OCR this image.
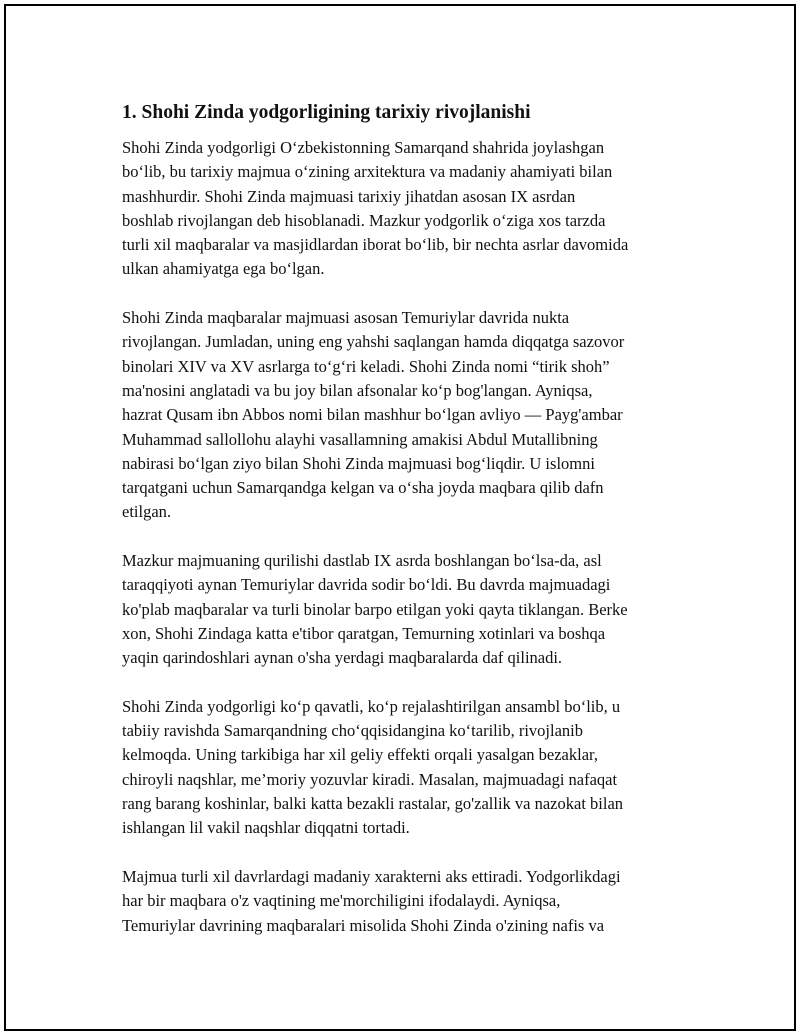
1. Shohi Zinda yodgorligining tarixiy rivojlanishi

Shohi Zinda yodgorligi O‘zbekistonning Samarqand shahrida joylashgan
bo‘lib, bu tarixiy majmua o‘zining arxitektura va madaniy ahamiyati bilan
mashhurdir. Shohi Zinda majmuasi tarixiy jihatdan asosan IX asrdan
boshlab rivojlangan deb hisoblanadi. Mazkur yodgorlik o‘ziga xos tarzda
turli xil maqbaralar va masjidlardan iborat bo‘lib, bir nechta asrlar davomida
ulkan ahamiyatga ega bo‘lgan.

Shohi Zinda maqbaralar majmuasi asosan Temuriylar davrida nukta
rivojlangan. Jumladan, uning eng yahshi saqlangan hamda diqqatga sazovor
binolari XIV va XV asrlarga to‘g‘ri keladi. Shohi Zinda nomi “tirik shoh”
ma'nosini anglatadi va bu joy bilan afsonalar ko‘p bog'langan. Ayniqsa,
hazrat Qusam ibn Abbos nomi bilan mashhur bo‘lgan avliyo — Payg'ambar
Muhammad sallollohu alayhi vasallamning amakisi Abdul Mutallibning
nabirasi bo‘lgan ziyo bilan Shohi Zinda majmuasi bog‘liqdir. U islomni
tarqatgani uchun Samarqandga kelgan va o‘sha joyda maqbara qilib dafn
etilgan.

Mazkur majmuaning qurilishi dastlab IX asrda boshlangan bo‘lsa-da, asl
taraqqiyoti aynan Temuriylar davrida sodir bo‘ldi. Bu davrda majmuadagi
ko'plab maqbaralar va turli binolar barpo etilgan yoki qayta tiklangan. Berke
xon, Shohi Zindaga katta e'tibor qaratgan, Temurning xotinlari va boshqa
yaqin qarindoshlari aynan o'sha yerdagi maqbaralarda daf qilinadi.

Shohi Zinda yodgorligi ko‘p qavatli, ko‘p rejalashtirilgan ansambl bo‘lib, u
tabiiy ravishda Samarqandning cho‘qqisidangina ko‘tarilib, rivojlanib
kelmoqda. Uning tarkibiga har xil geliy effekti orqali yasalgan bezaklar,
chiroyli naqshlar, me’moriy yozuvlar kiradi. Masalan, majmuadagi nafaqat
rang barang koshinlar, balki katta bezakli rastalar, go'zallik va nazokat bilan
ishlangan lil vakil naqshlar diqqatni tortadi.

Majmua turli xil davrlardagi madaniy xarakterni aks ettiradi. Yodgorlikdagi
har bir maqbara o'z vaqtining me'morchiligini ifodalaydi. Ayniqsa,
Temuriylar davrining maqbaralari misolida Shohi Zinda o'zining nafis va
